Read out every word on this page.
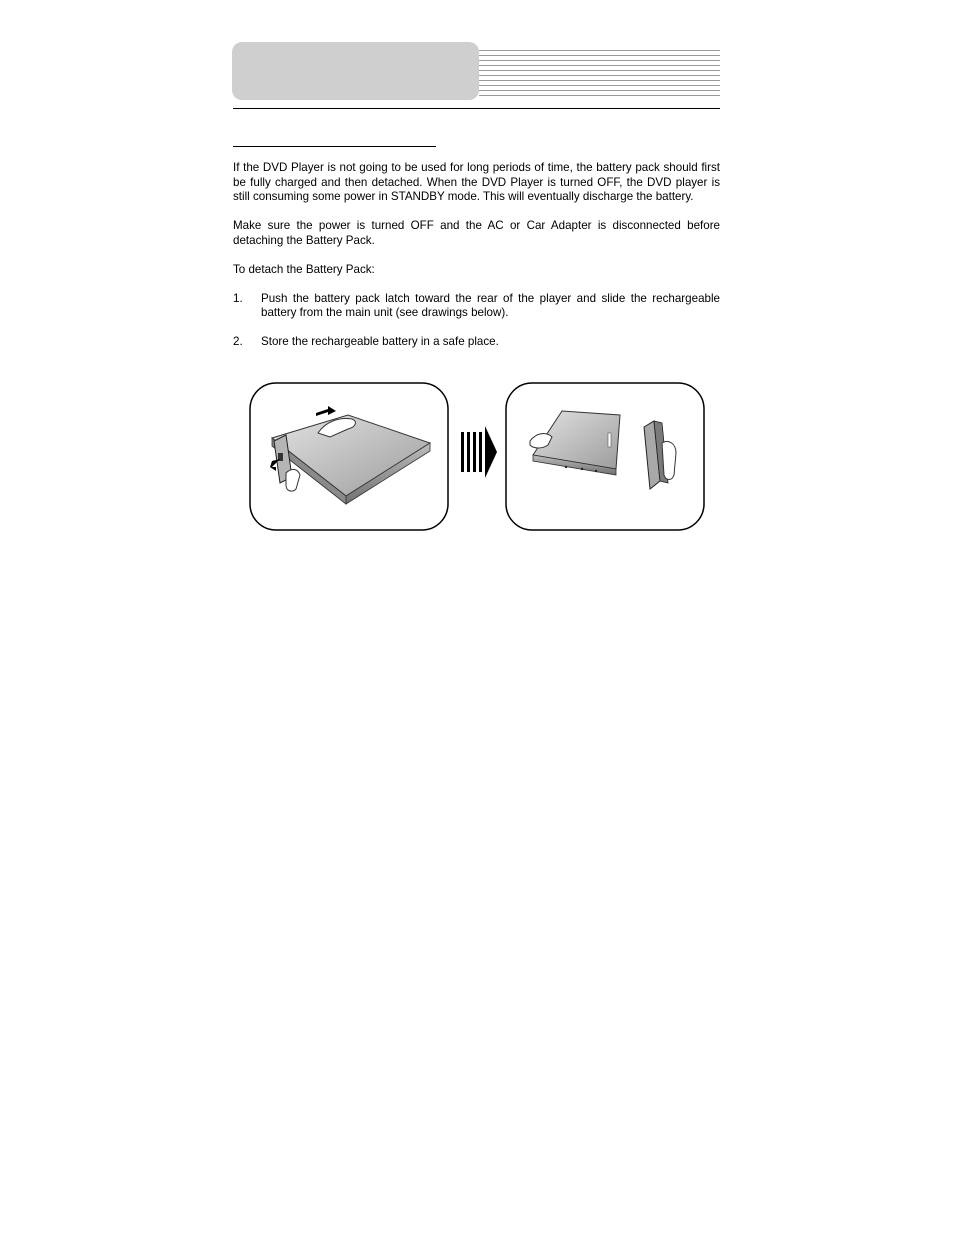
If the DVD Player is not going to be used for long periods of time, the battery pack should first be fully charged and then detached. When the DVD Player is turned OFF, the DVD player is still consuming some power in STANDBY mode. This will eventually discharge the battery.

Make sure the power is turned OFF and the AC or Car Adapter is disconnected before detaching the Battery Pack.

To detach the Battery Pack:

1.	Push the battery pack latch toward the rear of the player and slide the rechargeable battery from the main unit (see drawings below).
2.	Store the rechargeable battery in a safe place.
